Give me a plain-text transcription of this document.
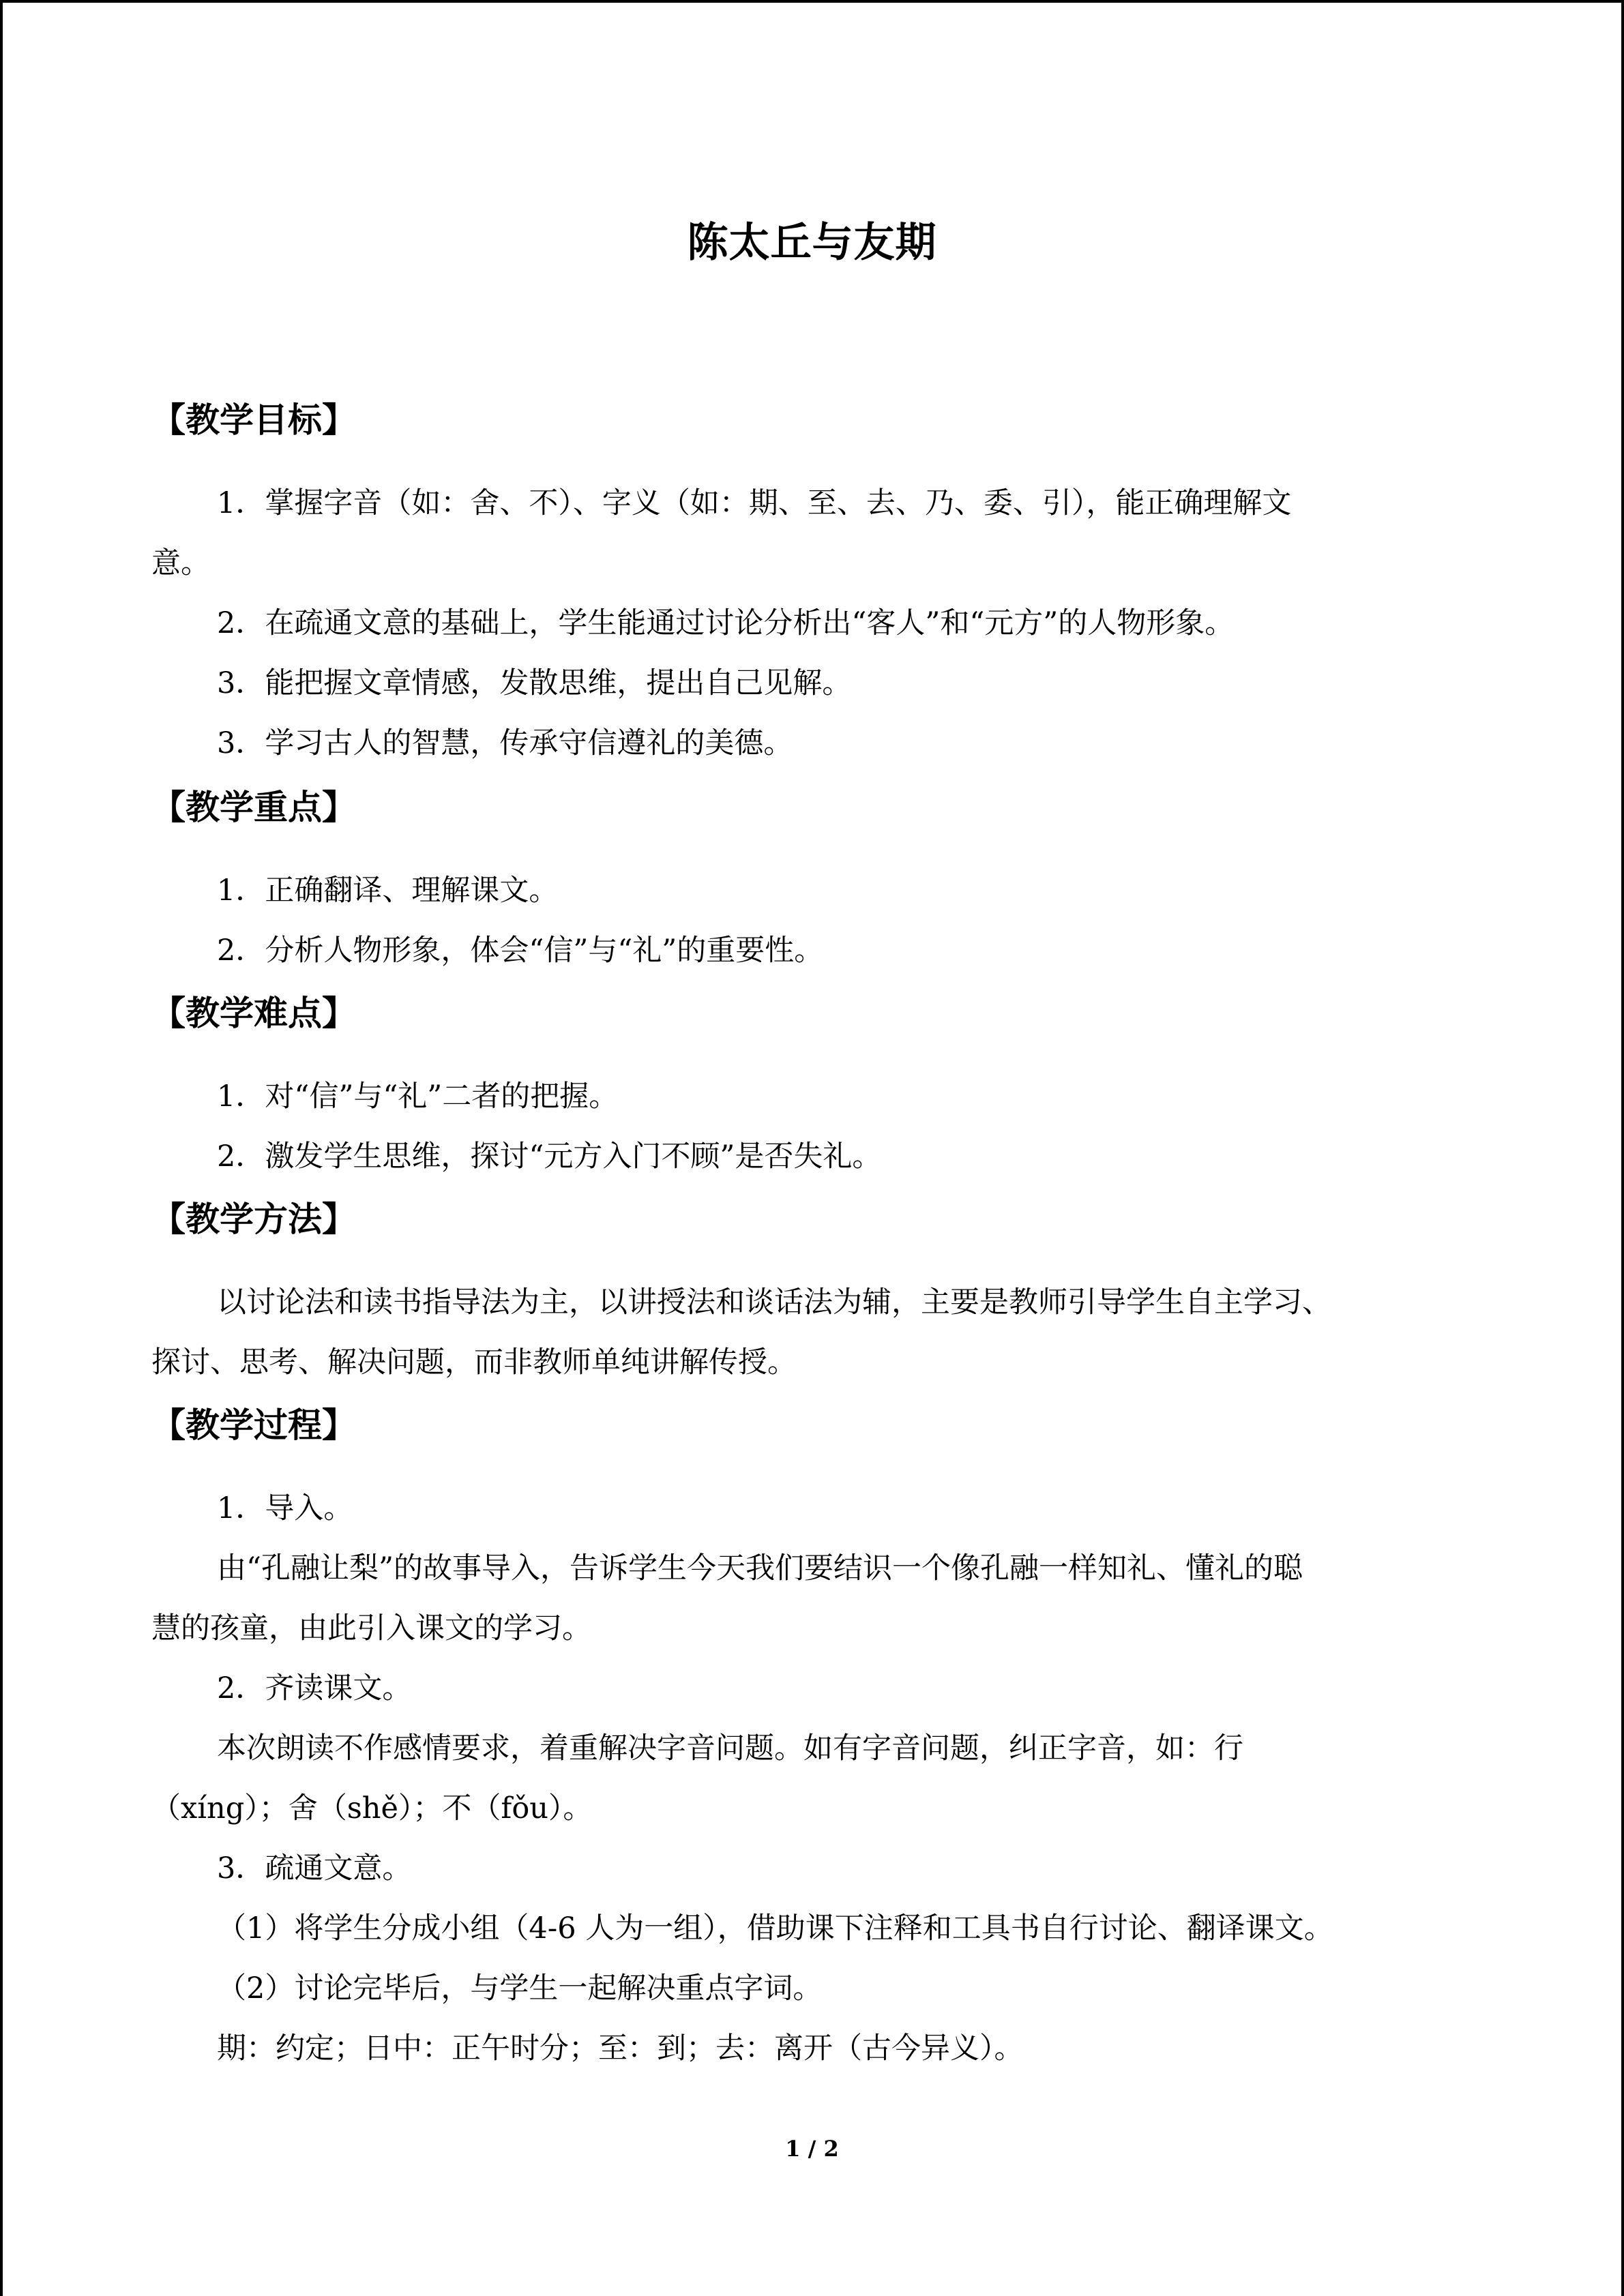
陈太丘与友期
【教学目标】
1．掌握字音（如：舍、不）、字义（如：期、至、去、乃、委、引），能正确理解文
意。
2．在疏通文意的基础上，学生能通过讨论分析出“客人”和“元方”的人物形象。
3．能把握文章情感，发散思维，提出自己见解。
3．学习古人的智慧，传承守信遵礼的美德。
【教学重点】
1．正确翻译、理解课文。
2．分析人物形象，体会“信”与“礼”的重要性。
【教学难点】
1．对“信”与“礼”二者的把握。
2．激发学生思维，探讨“元方入门不顾”是否失礼。
【教学方法】
以讨论法和读书指导法为主，以讲授法和谈话法为辅，主要是教师引导学生自主学习、
探讨、思考、解决问题，而非教师单纯讲解传授。
【教学过程】
1．导入。
由“孔融让梨”的故事导入，告诉学生今天我们要结识一个像孔融一样知礼、懂礼的聪
慧的孩童，由此引入课文的学习。
2．齐读课文。
本次朗读不作感情要求，着重解决字音问题。如有字音问题，纠正字音，如：行
（xíng）；舍（shě）；不（fǒu）。
3．疏通文意。
（1）将学生分成小组（4-6 人为一组），借助课下注释和工具书自行讨论、翻译课文。
（2）讨论完毕后，与学生一起解决重点字词。
期：约定；日中：正午时分；至：到；去：离开（古今异义）。
1 / 2
